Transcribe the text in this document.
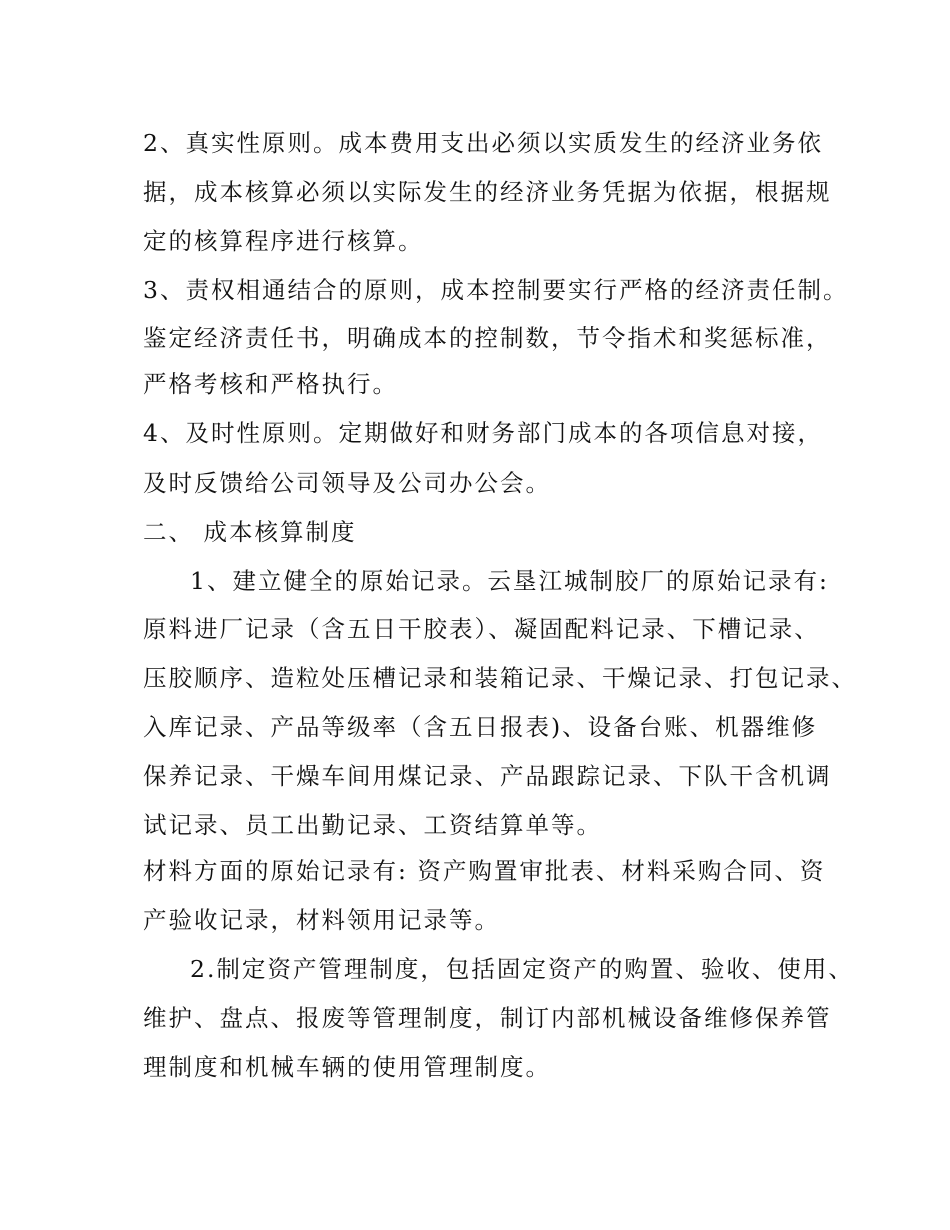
2、真实性原则。成本费用支出必须以实质发生的经济业务依
据，成本核算必须以实际发生的经济业务凭据为依据，根据规
定的核算程序进行核算。
3、责权相通结合的原则，成本控制要实行严格的经济责任制。
鉴定经济责任书，明确成本的控制数，节令指术和奖惩标准，
严格考核和严格执行。
4、及时性原则。定期做好和财务部门成本的各项信息对接，
及时反馈给公司领导及公司办公会。
二、 成本核算制度
1、建立健全的原始记录。云垦江城制胶厂的原始记录有:
原料进厂记录（含五日干胶表）、凝固配料记录、下槽记录、
压胶顺序、造粒处压槽记录和装箱记录、干燥记录、打包记录、
入库记录、产品等级率（含五日报表)、设备台账、机器维修
保养记录、干燥车间用煤记录、产品跟踪记录、下队干含机调
试记录、员工出勤记录、工资结算单等。
材料方面的原始记录有: 资产购置审批表、材料采购合同、资
产验收记录，材料领用记录等。
2.制定资产管理制度，包括固定资产的购置、验收、使用、
维护、盘点、报废等管理制度，制订内部机械设备维修保养管
理制度和机械车辆的使用管理制度。
